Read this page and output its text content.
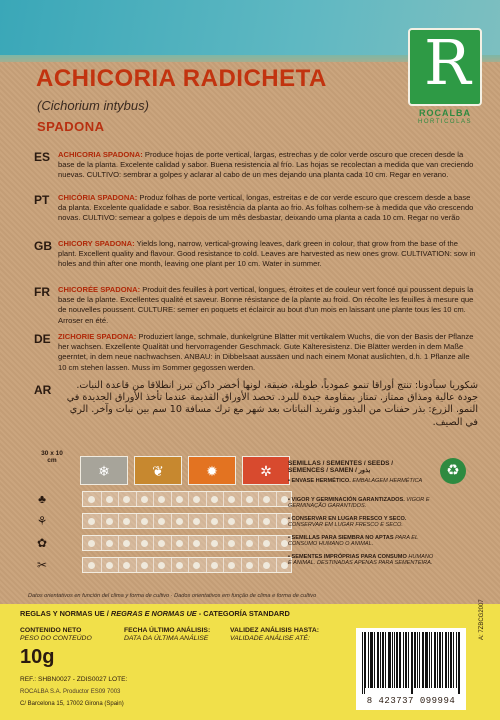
ACHICORIA RADICHETA
(Cichorium intybus)
SPADONA
R
ROCALBA
HORTICOLAS
ES ACHICORIA SPADONA: Produce hojas de porte vertical, largas, estrechas y de color verde oscuro que crecen desde la base de la planta. Excelente calidad y sabor. Buena resistencia al frío. Las hojas se recolectan a medida que van creciendo nuevas. CULTIVO: sembrar a golpes y aclarar al cabo de un mes dejando una planta cada 10 cm. Regar en verano.
PT CHICÓRIA SPADONA: Produz folhas de porte vertical, longas, estreitas e de cor verde escuro que crescem desde a base da planta. Excelente qualidade e sabor. Boa resistência da planta ao frio. As folhas colhem-se à medida que vão crescendo novas. CULTIVO: semear a golpes e depois de um mês desbastar, deixando uma planta a cada 10 cm. Regar no verão
GB CHICORY SPADONA: Yields long, narrow, vertical-growing leaves, dark green in colour, that grow from the base of the plant. Excellent quality and flavour. Good resistance to cold. Leaves are harvested as new ones grow. CULTIVATION: sow in holes and thin after one month, leaving one plant per 10 cm. Water in summer.
FR CHICORÉE SPADONA: Produit des feuilles à port vertical, longues, étroites et de couleur vert foncé qui poussent depuis la base de la plante. Excellentes qualité et saveur. Bonne résistance de la plante au froid. On récolte les feuilles à mesure que de nouvelles poussent. CULTURE: semer en poquets et éclaircir au bout d'un mois en laissant une plante tous les 10 cm. Arroser en été.
DE ZICHORIE SPADONA: Produziert lange, schmale, dunkelgrüne Blätter mit vertikalem Wuchs, die von der Basis der Pflanze her wachsen. Exzellente Qualität und hervorragender Geschmack. Gute Kälteresistenz. Die Blätter werden in dem Maße geerntet, in dem neue nachwachsen. ANBAU: in Dibbelsaat aussäen und nach einem Monat auslichten, d.h. 1 Pflanze alle 10 cm stehen lassen. Muss im Sommer gegossen werden.
AR	شكوريا سباَدونا: تنتج أوراقا تنمو عمودياً، طويلة، ضيقة، لونها أخضر داكن تبرز انطلاقا من قاعدة النبات. جودة عالية ومذاق ممتاز. تمتاز بمقاومة جيدة للبرد. تحصد الأوراق القديمة عندما تأخذ الأوراق الجديدة في النمو. الزرع: بذر حفنات من البذور وتفريد النباتات بعد شهر مع ترك مسافة 10 سم بين نبات وآخر. الري في الصيف.
30 x 10 cm
❄	❦	✹	✲
♣
⚘
✿
✂
SEMILLAS / SEMENTES / SEEDS /
SEMENCES / SAMEN / بذور
• ENVASE HERMÉTICO. EMBALAGEM HERMÉTICA
• VIGOR Y GERMINACIÓN GARANTIZADOS. VIGOR E GERMINAÇÃO GARANTIDOS.
• CONSERVAR EN LUGAR FRESCO Y SECO. CONSERVAR EM LUGAR FRESCO E SECO.
• SEMILLAS PARA SIEMBRA NO APTAS PARA EL CONSUMO HUMANO O ANIMAL.
• SEMENTES IMPRÓPRIAS PARA CONSUMO HUMANO E ANIMAL. DESTINADAS APENAS PARA SEMENTEIRA.
♻
Datos orientativos en función del clima y forma de cultivo · Dados orientativos em função de clima e forma de cultivo
REGLAS Y NORMAS UE / REGRAS E NORMAS UE - CATEGORÍA STANDARD
CONTENIDO NETO
PESO DO CONTEÚDO
10g
FECHA ÚLTIMO ANÁLISIS:
DATA DA ÚLTIMA ANÁLISE
VALIDEZ ANÁLISIS HASTA:
VALIDADE ANÁLISE ATÉ:
REF.: SHBN0027 - ZDIS0027 LOTE:
ROCALBA S.A. Productor ES09 7003
C/ Barcelona 15, 17002 Girona (Spain)	8 423737 099994
A: 7ZBCG2007
